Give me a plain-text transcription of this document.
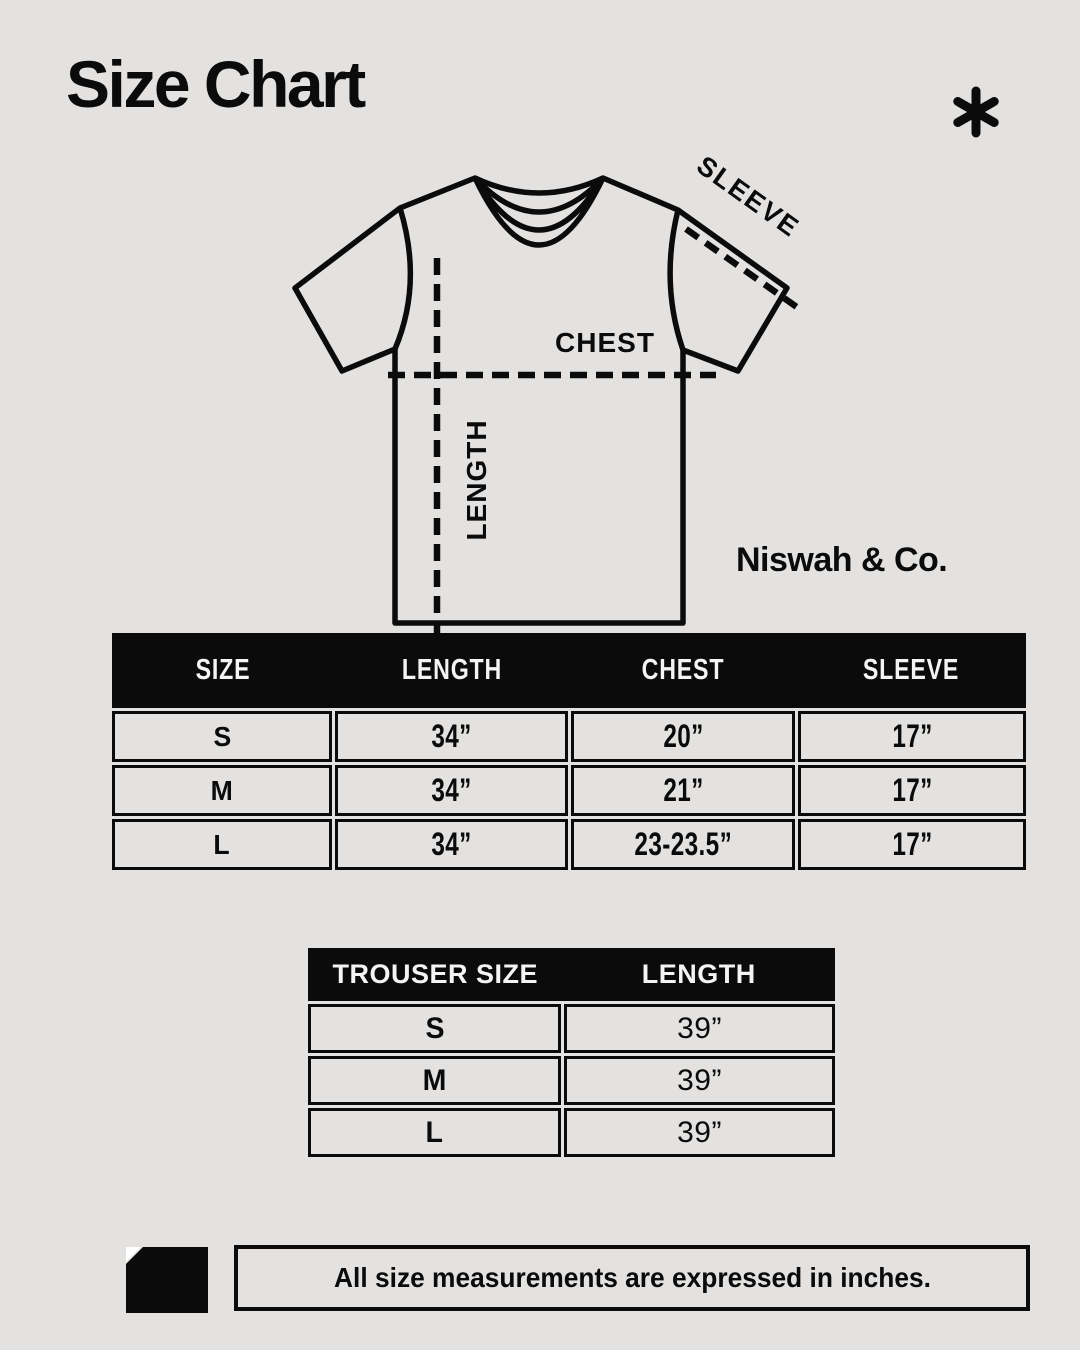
Size Chart
CHEST
LENGTH
SLEEVE
Niswah & Co.
SIZE	LENGTH	CHEST	SLEEVE
S	34”	20”	17”
M	34”	21”	17”
L	34”	23-23.5”	17”
TROUSER SIZE	LENGTH
S	39”
M	39”
L	39”
All size measurements are expressed in inches.
